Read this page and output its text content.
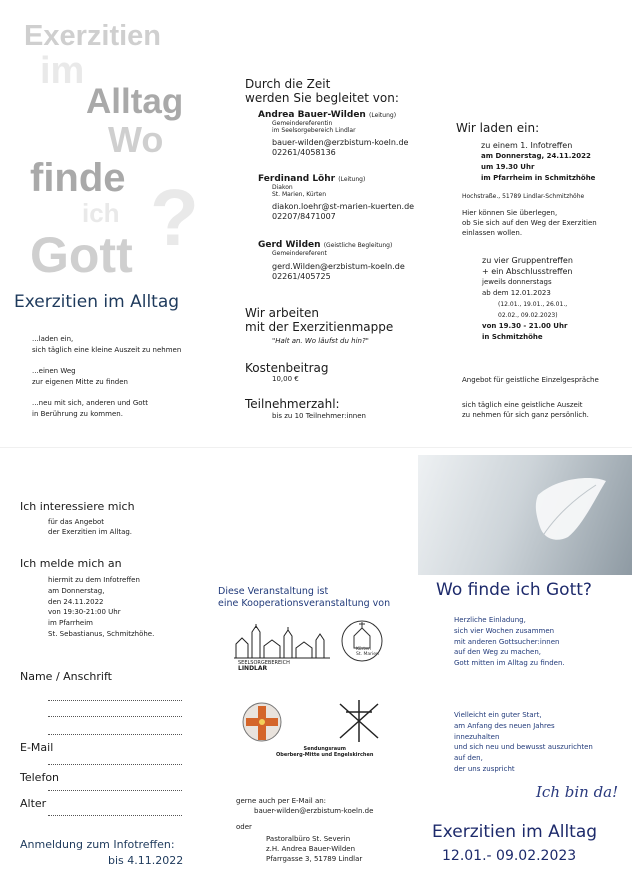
Exerzitien
im
Alltag
Wo
finde
ich
Gott ?
Exerzitien im Alltag
...laden ein,
sich täglich eine kleine Auszeit zu nehmen
...einen Weg
zur eigenen Mitte zu finden
...neu mit sich, anderen und Gott
in Berührung zu kommen.
Durch die Zeit
werden Sie begleitet von:
Andrea Bauer-Wilden (Leitung)
Gemeindereferentin
im Seelsorgebereich Lindlar
bauer-wilden@erzbistum-koeln.de
02261/4058136
Ferdinand Löhr (Leitung)
Diakon
St. Marien, Kürten
diakon.loehr@st-marien-kuerten.de
02207/8471007
Gerd Wilden (Geistliche Begleitung)
Gemeindereferent
gerd.Wilden@erzbistum-koeln.de
02261/405725
Wir arbeiten
mit der Exerzitienmappe
"Halt an. Wo läufst du hin?"
Kostenbeitrag
10,00 €
Teilnehmerzahl:
bis zu 10 Teilnehmer:innen
Wir laden ein:
zu einem 1. Infotreffen
am Donnerstag, 24.11.2022
um 19.30 Uhr
im Pfarrheim in Schmitzhöhe
Hochstraße., 51789 Lindlar-Schmitzhöhe
Hier können Sie überlegen,
ob Sie sich auf den Weg der Exerzitien
einlassen wollen.
zu vier Gruppentreffen
+ ein Abschlusstreffen
jeweils donnerstags
ab dem 12.01.2023
(12.01., 19.01., 26.01.,
02.02., 09.02.2023)
von 19.30 - 21.00 Uhr
in Schmitzhöhe
Angebot für geistliche Einzelgespräche
sich täglich eine geistliche Auszeit
zu nehmen für sich ganz persönlich.
Ich interessiere mich
für das Angebot
der Exerzitien im Alltag.
Ich melde mich an
hiermit zu dem Infotreffen
am Donnerstag,
den 24.11.2022
von 19:30-21:00 Uhr
im Pfarrheim
St. Sebastianus, Schmitzhöhe.
Name / Anschrift
E-Mail
Telefon
Alter
Anmeldung zum Infotreffen:
bis 4.11.2022
Diese Veranstaltung ist
eine Kooperationsveranstaltung von
SEELSORGEBEREICH
LINDLAR
Kürten
St. Marien
Sendungsraum
Oberberg-Mitte und Engelskirchen
gerne auch per E-Mail an:
bauer-wilden@erzbistum-koeln.de
oder
Pastoralbüro St. Severin
z.H. Andrea Bauer-Wilden
Pfarrgasse 3, 51789 Lindlar
Wo finde ich Gott?
Herzliche Einladung,
sich vier Wochen zusammen
mit anderen Gottsucher:innen
auf den Weg zu machen,
Gott mitten im Alltag zu finden.
Vielleicht ein guter Start,
am Anfang des neuen Jahres
innezuhalten
und sich neu und bewusst auszurichten
auf den,
der uns zuspricht
Ich bin da!
Exerzitien im Alltag
12.01.- 09.02.2023
